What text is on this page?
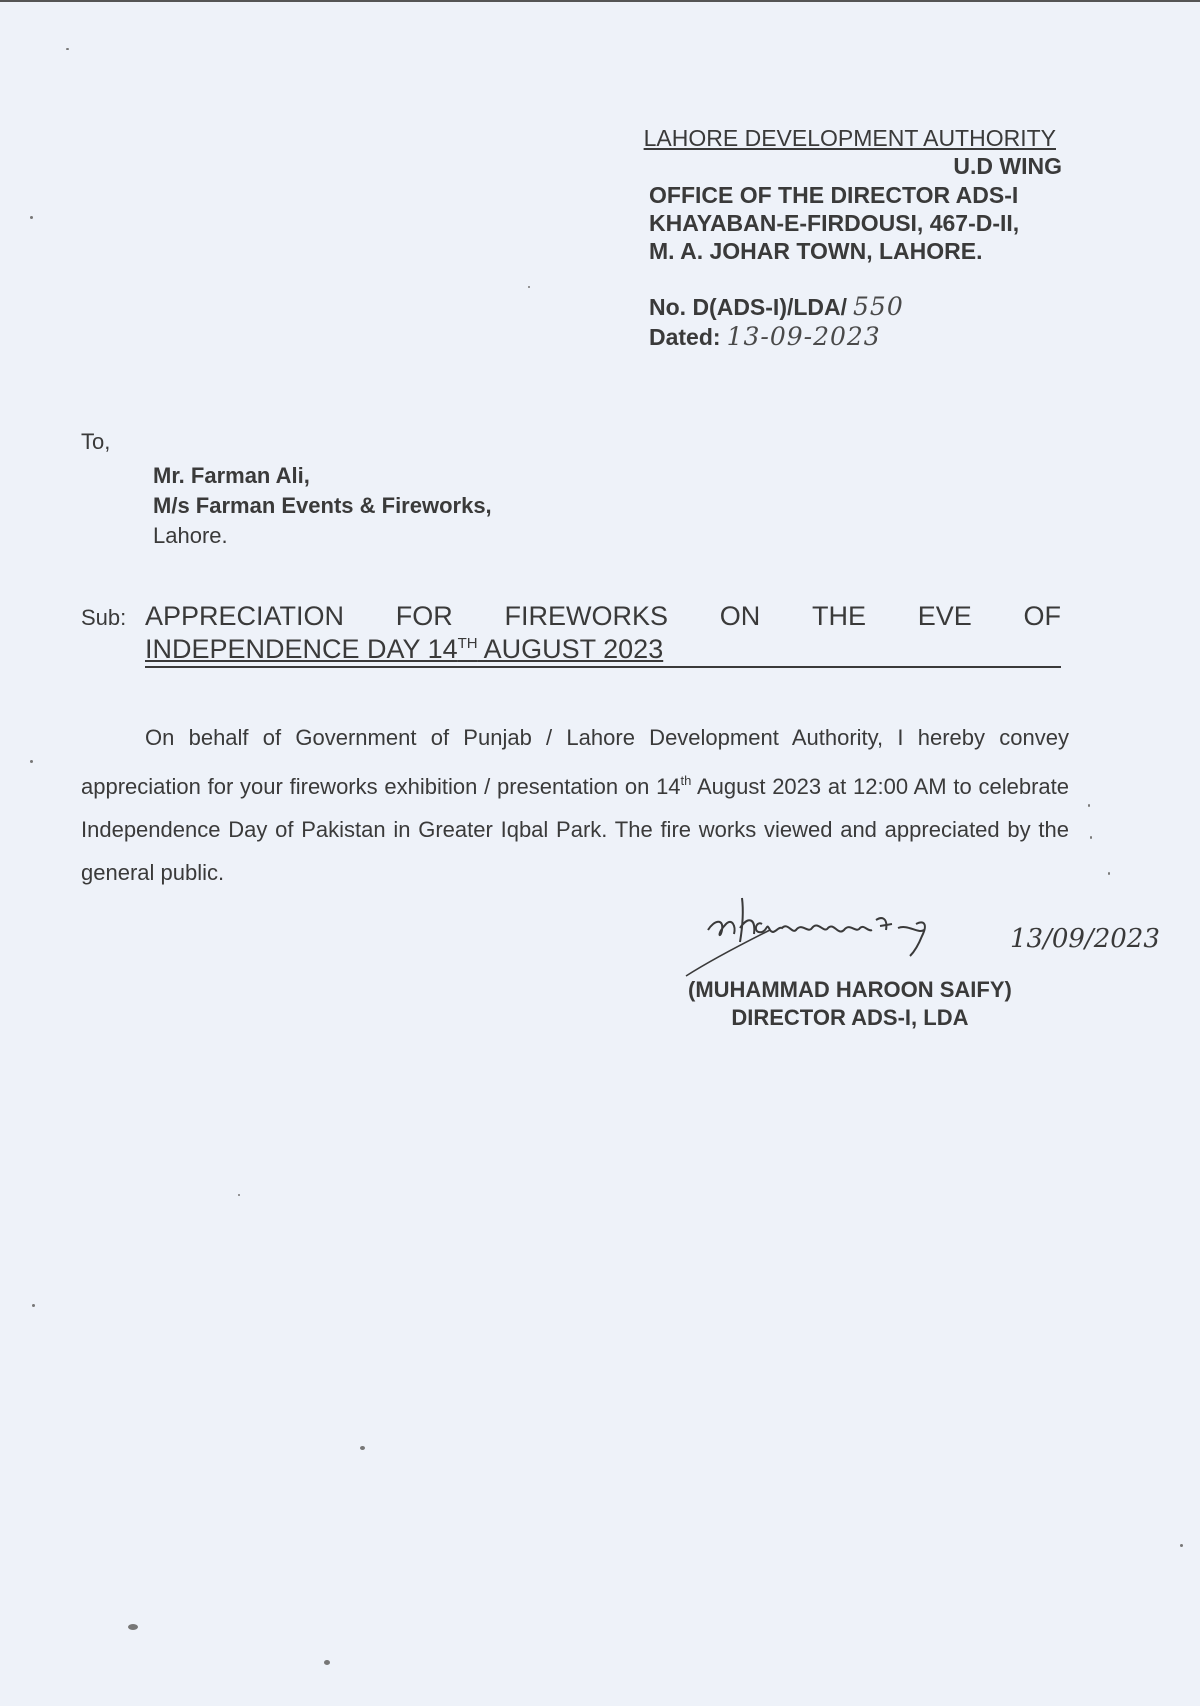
LAHORE DEVELOPMENT AUTHORITY
U.D WING
OFFICE OF THE DIRECTOR ADS-I
KHAYABAN-E-FIRDOUSI, 467-D-II,
M. A. JOHAR TOWN, LAHORE.
No. D(ADS-I)/LDA/ 550
Dated: 13-09-2023
To,
Mr. Farman Ali,
M/s Farman Events & Fireworks,
Lahore.
Sub: APPRECIATION FOR FIREWORKS ON THE EVE OF
INDEPENDENCE DAY 14TH AUGUST 2023

On behalf of Government of Punjab / Lahore Development Authority, I hereby convey appreciation for your fireworks exhibition / presentation on 14th August 2023 at 12:00 AM to celebrate Independence Day of Pakistan in Greater Iqbal Park. The fire works viewed and appreciated by the general public.

13/09/2023
(MUHAMMAD HAROON SAIFY)
DIRECTOR ADS-I, LDA
